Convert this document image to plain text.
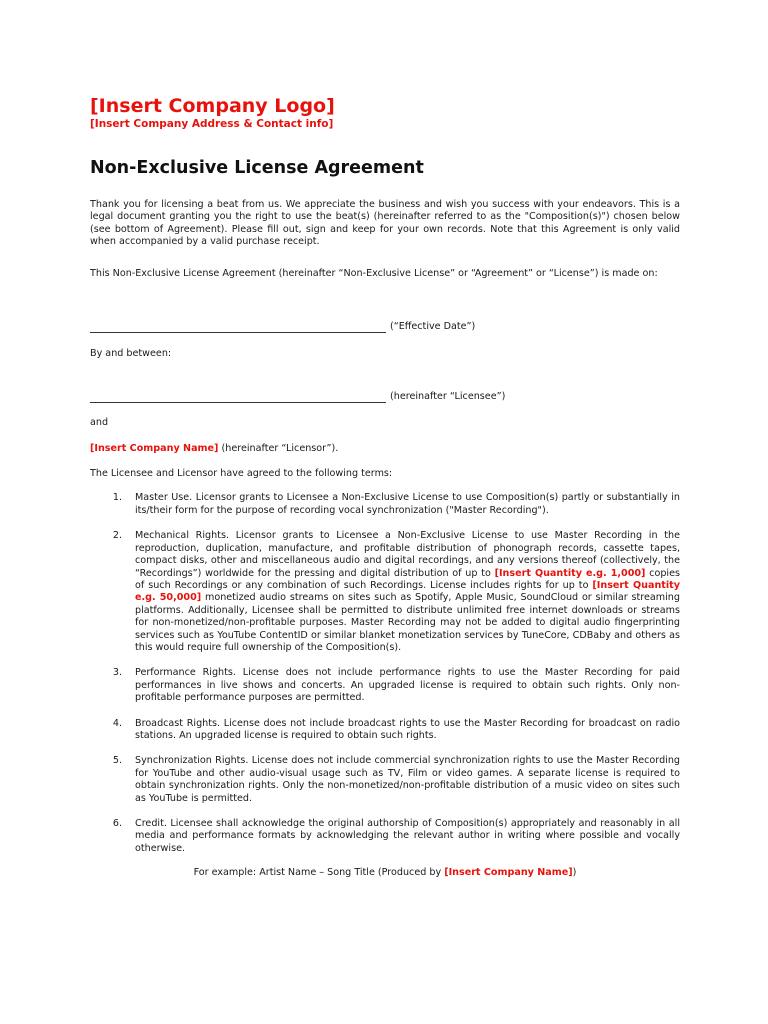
[Insert Company Logo]
[Insert Company Address & Contact info]
Non-Exclusive License Agreement
Thank you for licensing a beat from us. We appreciate the business and wish you success with your endeavors. This is a legal document granting you the right to use the beat(s) (hereinafter referred to as the "Composition(s)") chosen below (see bottom of Agreement). Please fill out, sign and keep for your own records. Note that this Agreement is only valid when accompanied by a valid purchase receipt.
This Non-Exclusive License Agreement (hereinafter “Non-Exclusive License” or “Agreement” or “License”) is made on:
(“Effective Date”)
By and between:
(hereinafter “Licensee”)
and
[Insert Company Name] (hereinafter “Licensor”).
The Licensee and Licensor have agreed to the following terms:
1.	Master Use. Licensor grants to Licensee a Non-Exclusive License to use Composition(s) partly or substantially in its/their form for the purpose of recording vocal synchronization ("Master Recording").
2.	Mechanical Rights. Licensor grants to Licensee a Non-Exclusive License to use Master Recording in the reproduction, duplication, manufacture, and profitable distribution of phonograph records, cassette tapes, compact disks, other and miscellaneous audio and digital recordings, and any versions thereof (collectively, the “Recordings”) worldwide for the pressing and digital distribution of up to [Insert Quantity e.g. 1,000] copies of such Recordings or any combination of such Recordings. License includes rights for up to [Insert Quantity e.g. 50,000] monetized audio streams on sites such as Spotify, Apple Music, SoundCloud or similar streaming platforms. Additionally, Licensee shall be permitted to distribute unlimited free internet downloads or streams for non-monetized/non-profitable purposes. Master Recording may not be added to digital audio fingerprinting services such as YouTube ContentID or similar blanket monetization services by TuneCore, CDBaby and others as this would require full ownership of the Composition(s).
3.	Performance Rights. License does not include performance rights to use the Master Recording for paid performances in live shows and concerts. An upgraded license is required to obtain such rights. Only non-profitable performance purposes are permitted.
4.	Broadcast Rights. License does not include broadcast rights to use the Master Recording for broadcast on radio stations. An upgraded license is required to obtain such rights.
5.	Synchronization Rights. License does not include commercial synchronization rights to use the Master Recording for YouTube and other audio-visual usage such as TV, Film or video games. A separate license is required to obtain synchronization rights. Only the non-monetized/non-profitable distribution of a music video on sites such as YouTube is permitted.
6.	Credit. Licensee shall acknowledge the original authorship of Composition(s) appropriately and reasonably in all media and performance formats by acknowledging the relevant author in writing where possible and vocally otherwise.
For example: Artist Name – Song Title (Produced by [Insert Company Name])
